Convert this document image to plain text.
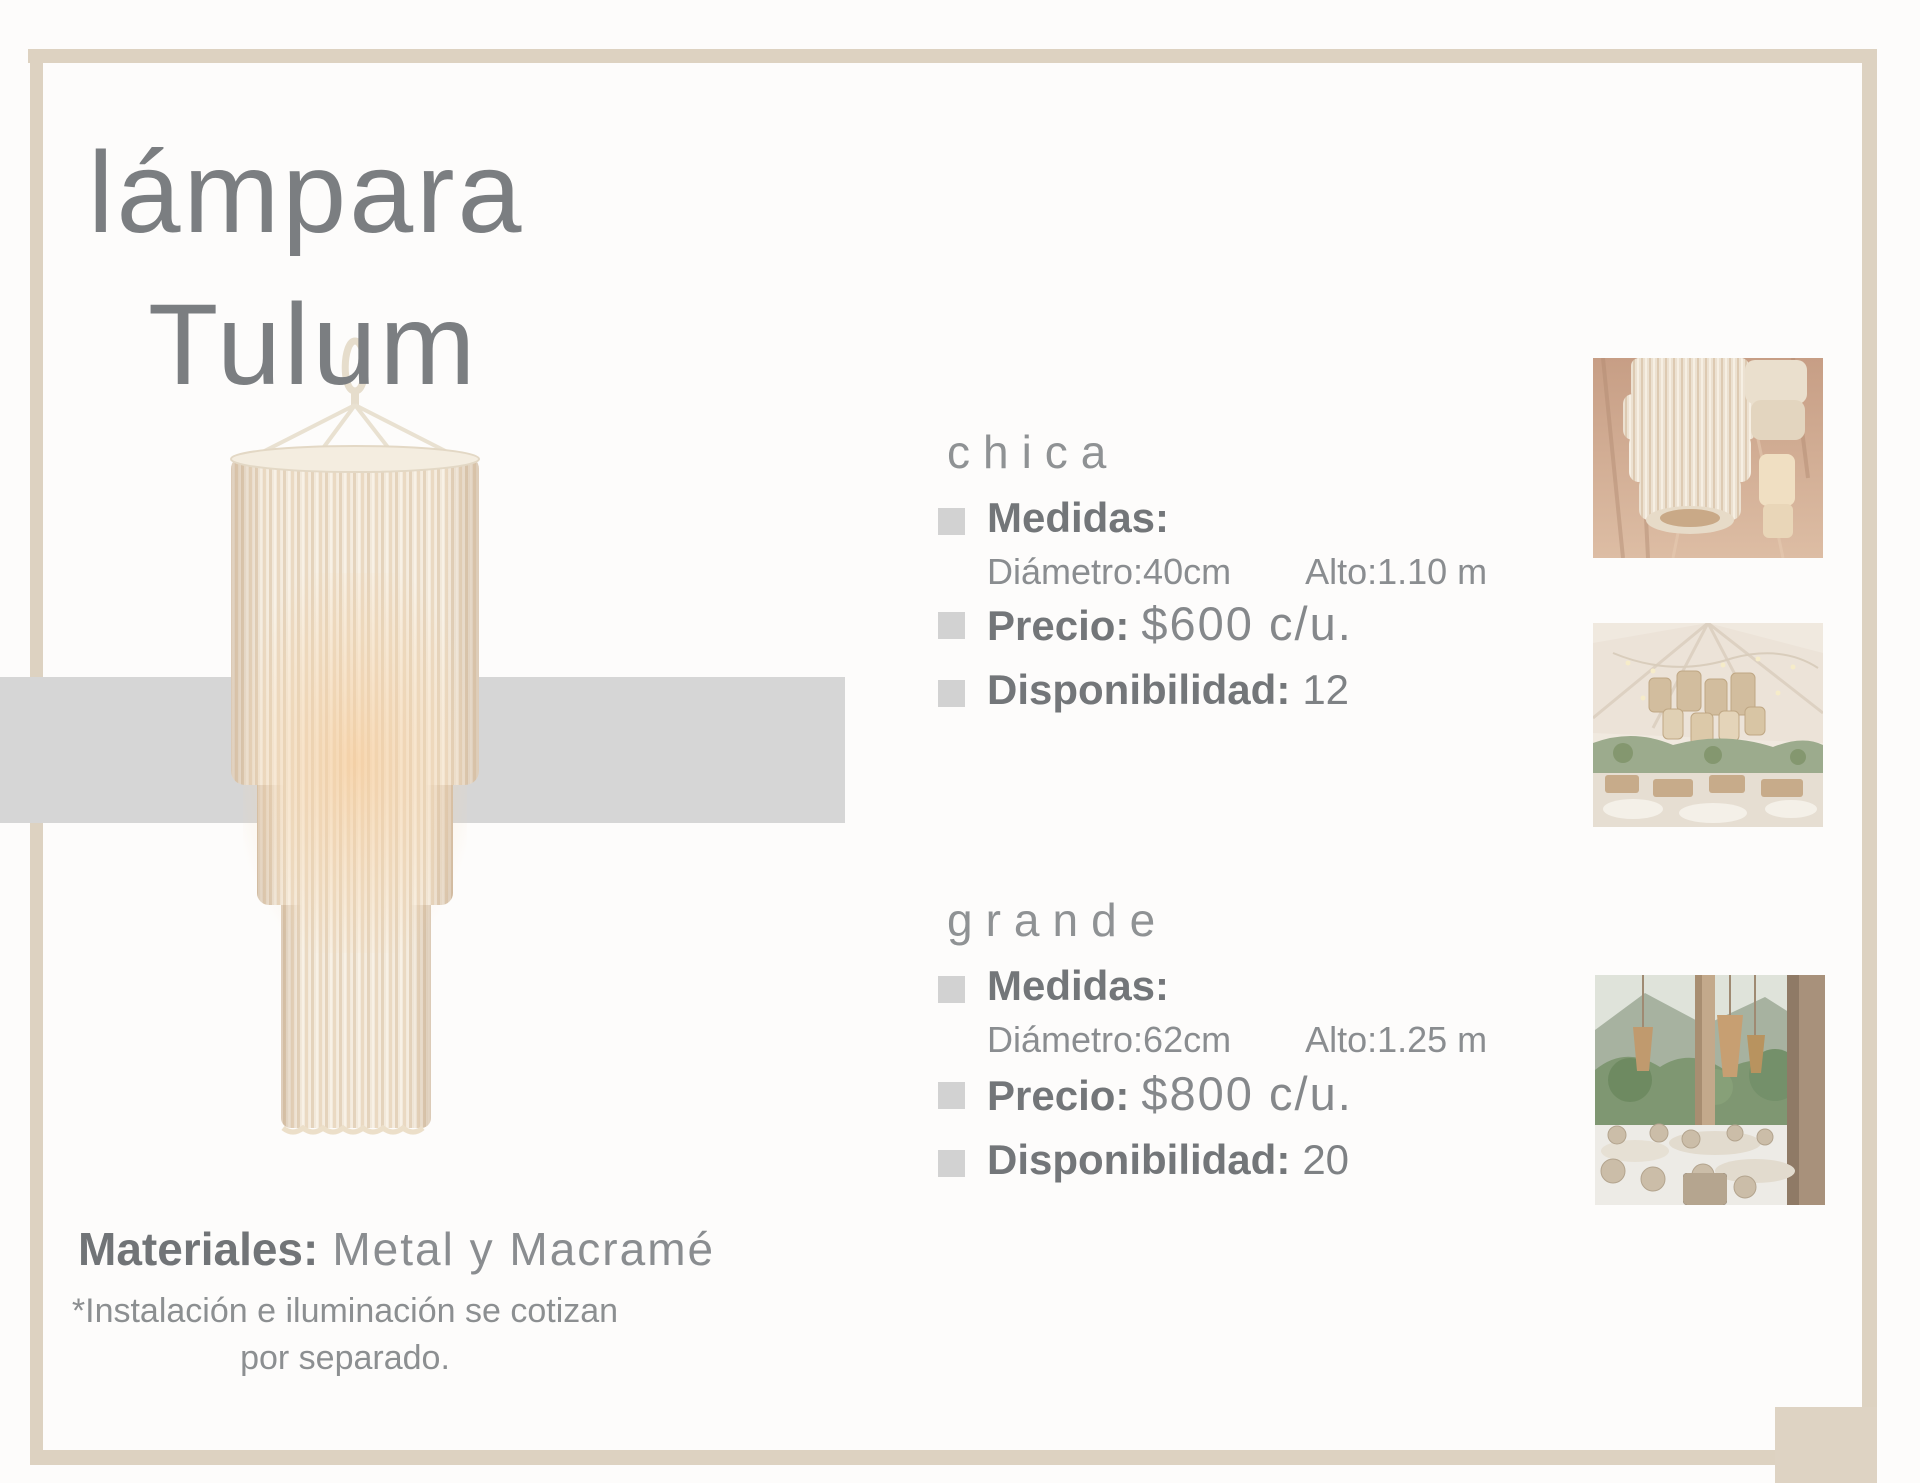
lámpara
Tulum
chica
Medidas:
Diámetro:40cm Alto:1.10 m
Precio: $600 c/u.
Disponibilidad: 12
grande
Medidas:
Diámetro:62cm Alto:1.25 m
Precio: $800 c/u.
Disponibilidad: 20
Materiales: Metal y Macramé
*Instalación e iluminación se cotizan
por separado.
